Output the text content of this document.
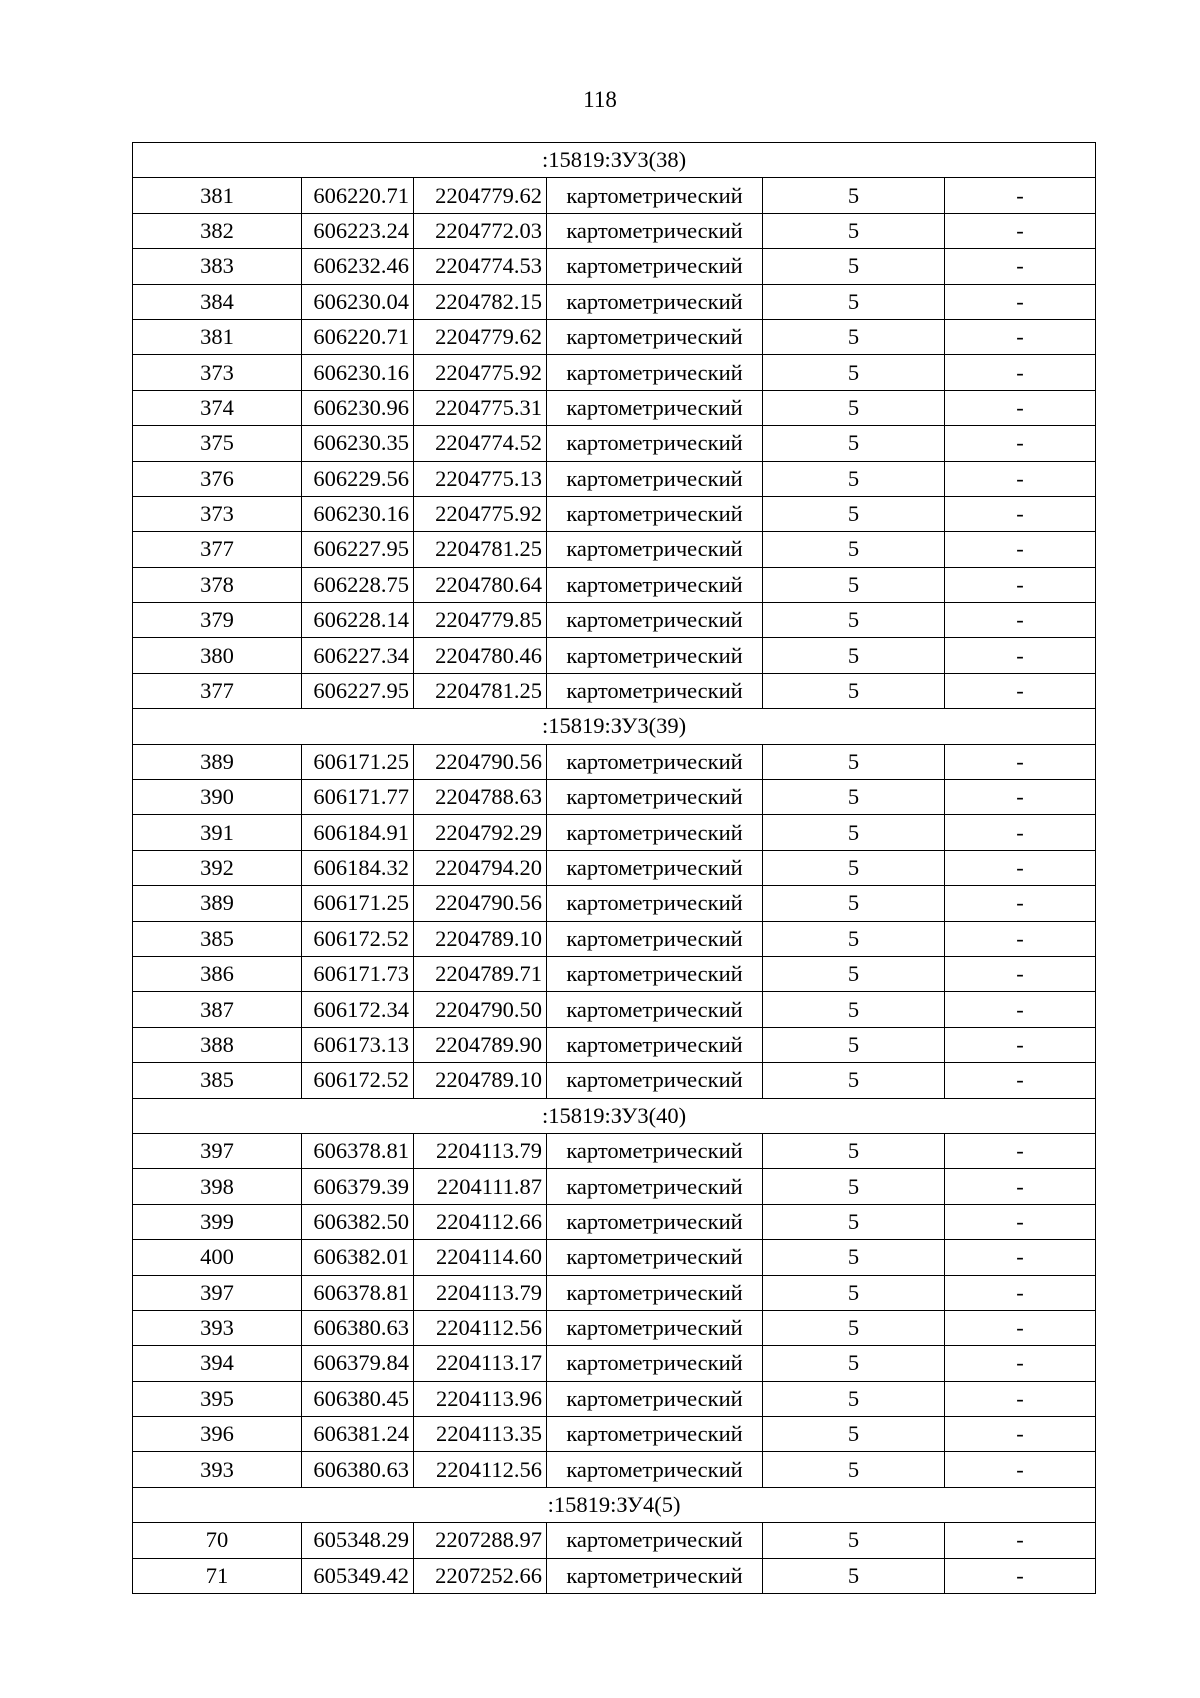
118
:15819:ЗУ3(38)					
381	606220.71	2204779.62	картометрический	5	-
382	606223.24	2204772.03	картометрический	5	-
383	606232.46	2204774.53	картометрический	5	-
384	606230.04	2204782.15	картометрический	5	-
381	606220.71	2204779.62	картометрический	5	-
373	606230.16	2204775.92	картометрический	5	-
374	606230.96	2204775.31	картометрический	5	-
375	606230.35	2204774.52	картометрический	5	-
376	606229.56	2204775.13	картометрический	5	-
373	606230.16	2204775.92	картометрический	5	-
377	606227.95	2204781.25	картометрический	5	-
378	606228.75	2204780.64	картометрический	5	-
379	606228.14	2204779.85	картометрический	5	-
380	606227.34	2204780.46	картометрический	5	-
377	606227.95	2204781.25	картометрический	5	-
:15819:ЗУ3(39)					
389	606171.25	2204790.56	картометрический	5	-
390	606171.77	2204788.63	картометрический	5	-
391	606184.91	2204792.29	картометрический	5	-
392	606184.32	2204794.20	картометрический	5	-
389	606171.25	2204790.56	картометрический	5	-
385	606172.52	2204789.10	картометрический	5	-
386	606171.73	2204789.71	картометрический	5	-
387	606172.34	2204790.50	картометрический	5	-
388	606173.13	2204789.90	картометрический	5	-
385	606172.52	2204789.10	картометрический	5	-
:15819:ЗУ3(40)					
397	606378.81	2204113.79	картометрический	5	-
398	606379.39	2204111.87	картометрический	5	-
399	606382.50	2204112.66	картометрический	5	-
400	606382.01	2204114.60	картометрический	5	-
397	606378.81	2204113.79	картометрический	5	-
393	606380.63	2204112.56	картометрический	5	-
394	606379.84	2204113.17	картометрический	5	-
395	606380.45	2204113.96	картометрический	5	-
396	606381.24	2204113.35	картометрический	5	-
393	606380.63	2204112.56	картометрический	5	-
:15819:ЗУ4(5)					
70	605348.29	2207288.97	картометрический	5	-
71	605349.42	2207252.66	картометрический	5	-
